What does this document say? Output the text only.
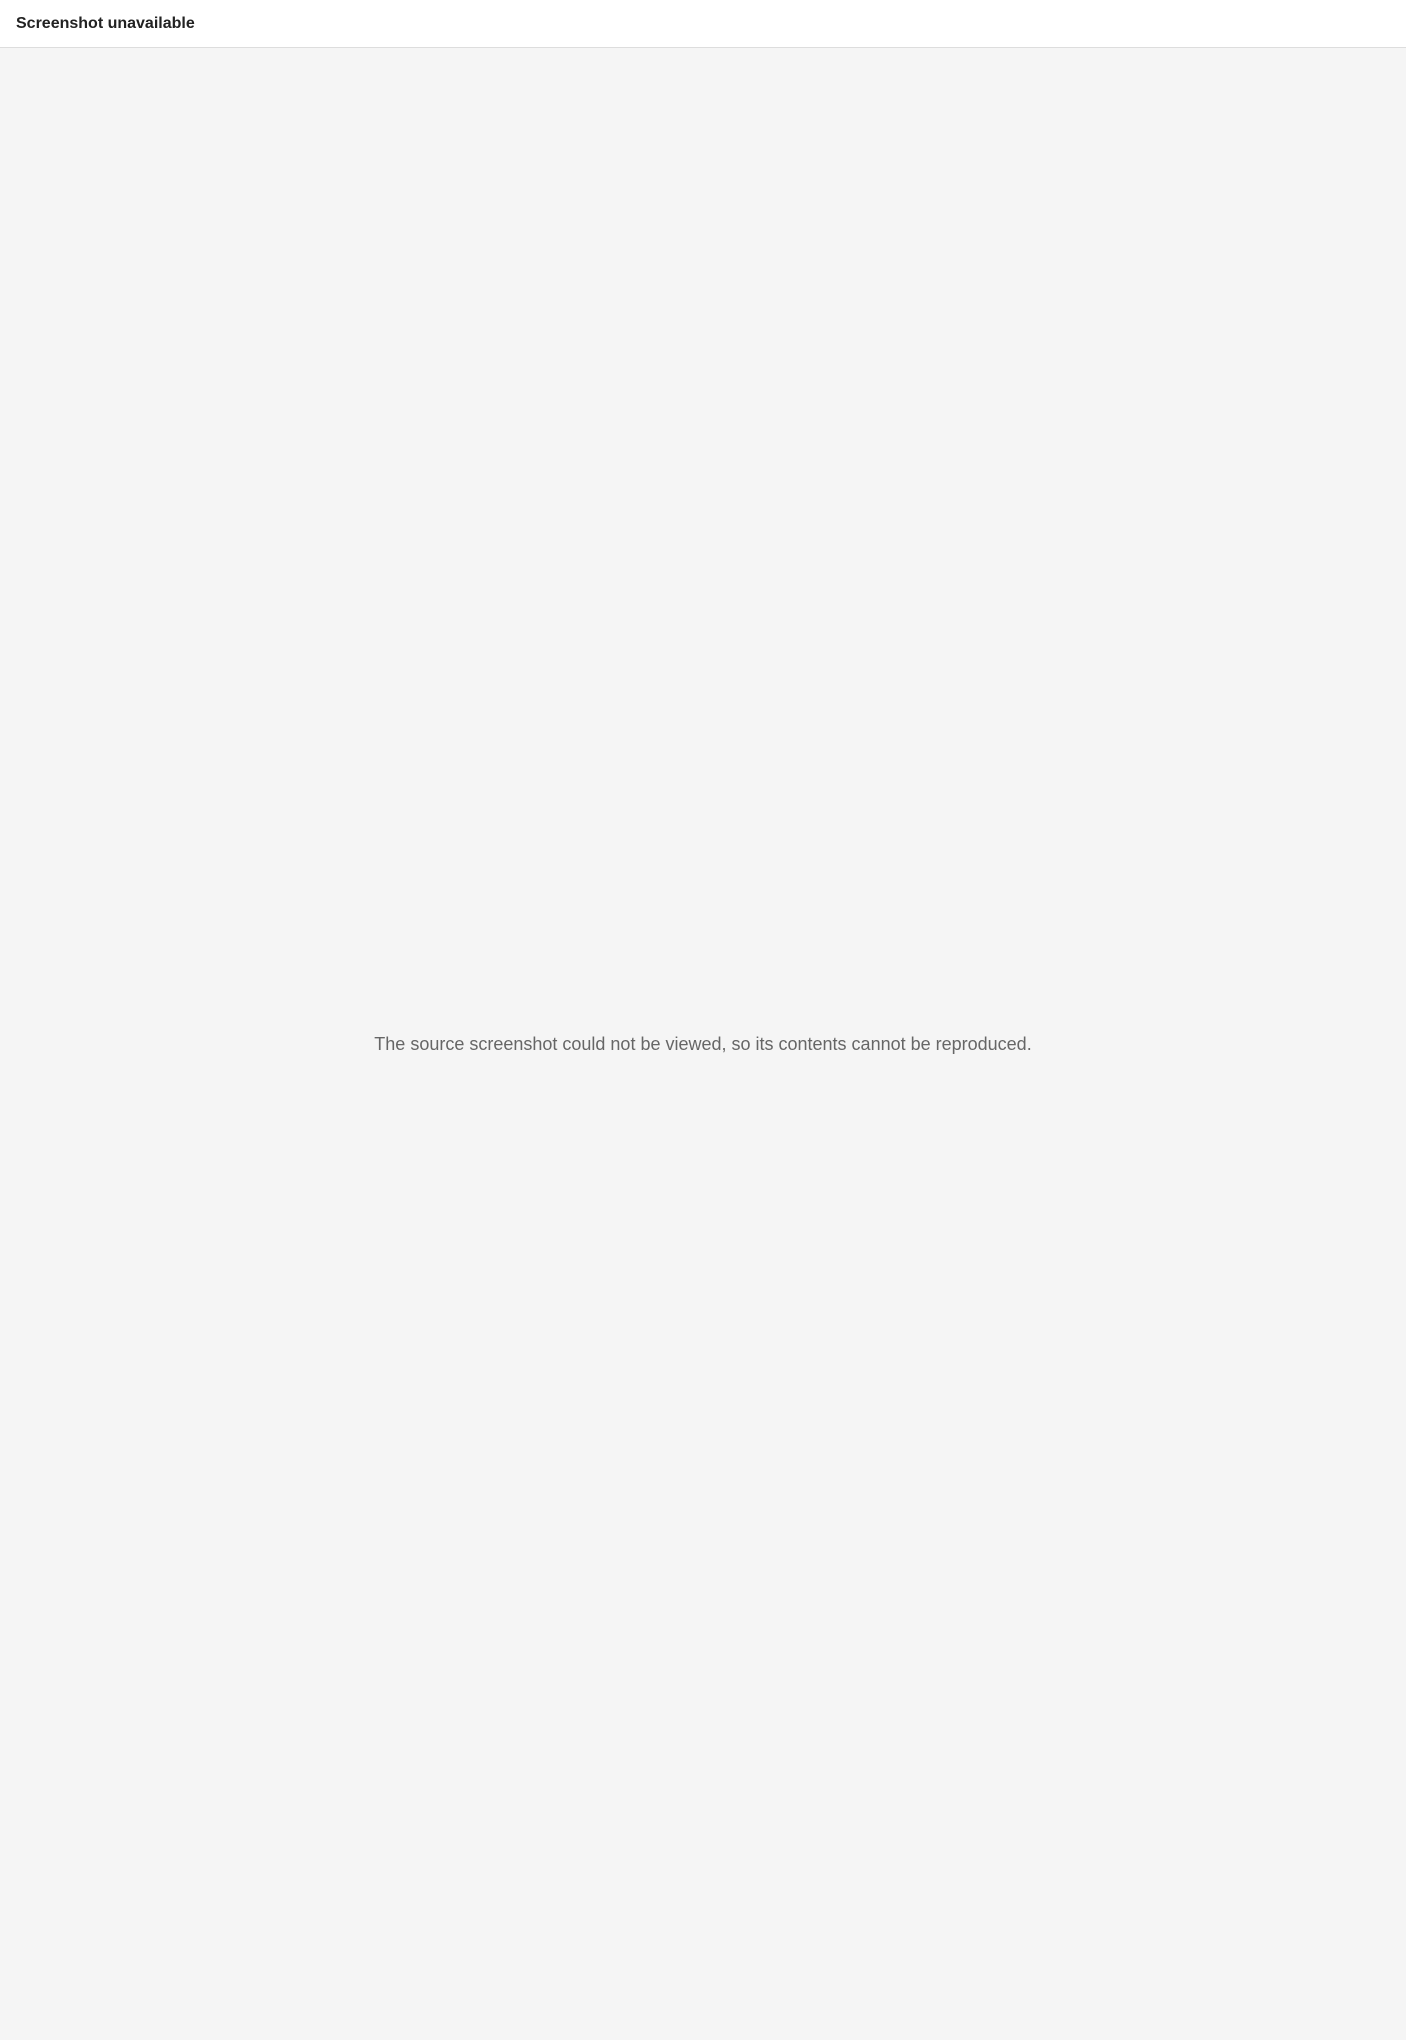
Screenshot unavailable
The source screenshot could not be viewed, so its contents cannot be reproduced.
